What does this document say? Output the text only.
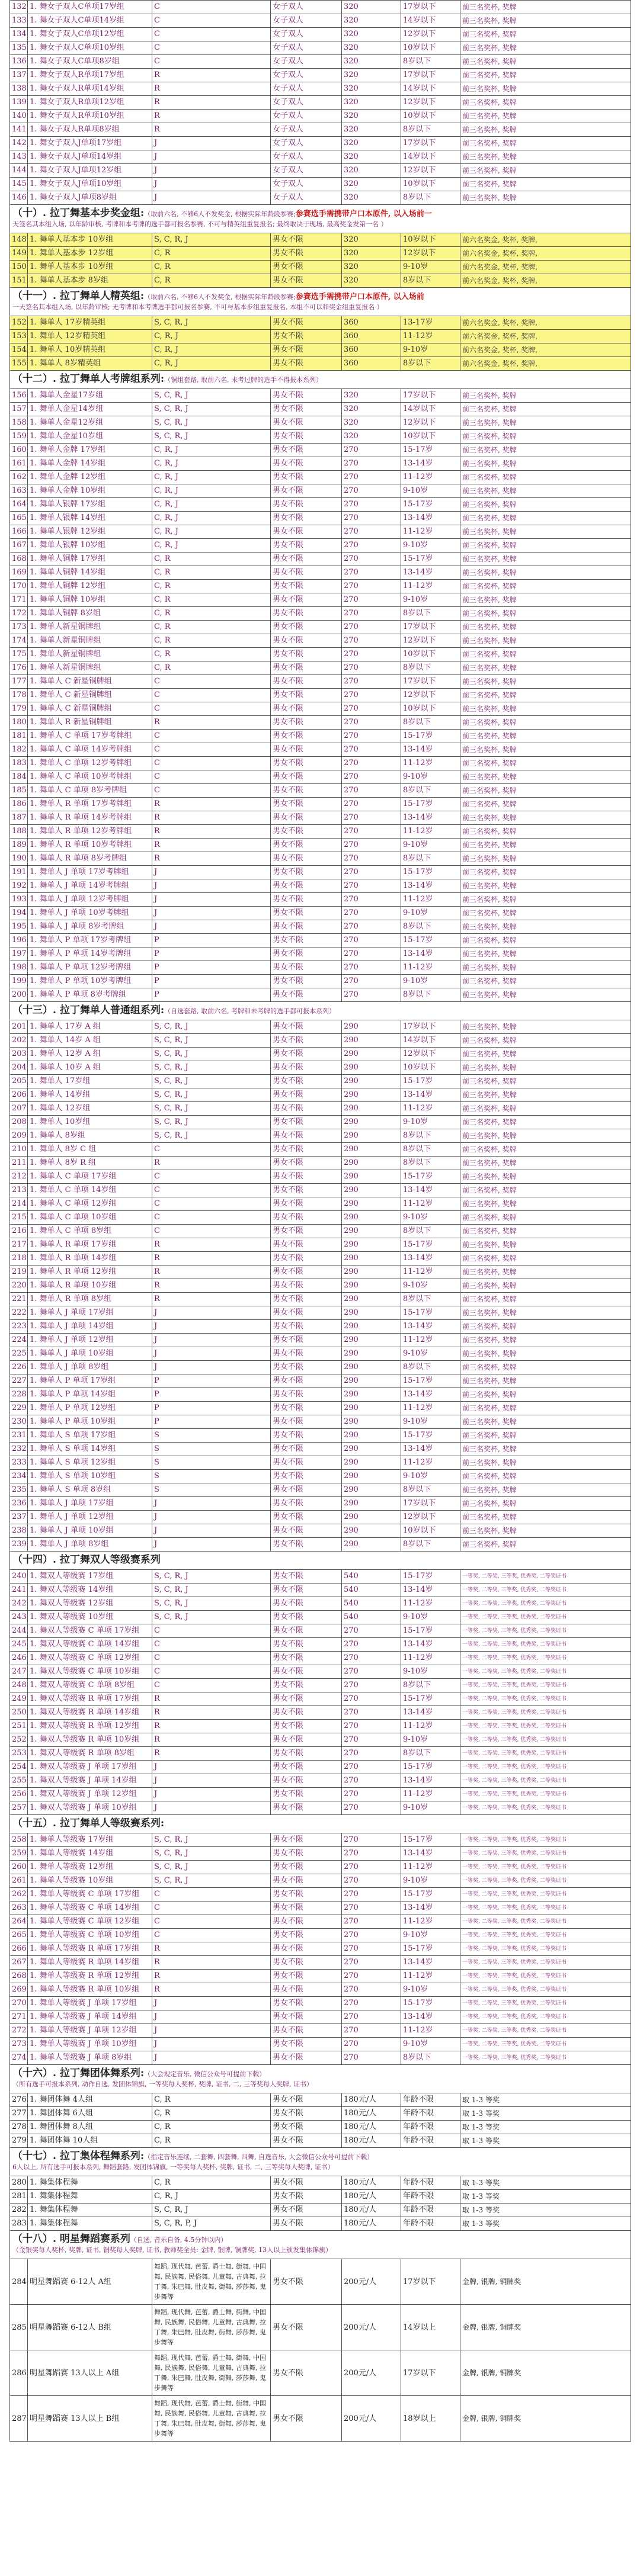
132	1. 舞女子双人C单项17岁组	C	女子双人	320	17岁以下	前三名奖杯, 奖牌
133	1. 舞女子双人C单项14岁组	C	女子双人	320	14岁以下	前三名奖杯, 奖牌
134	1. 舞女子双人C单项12岁组	C	女子双人	320	12岁以下	前三名奖杯, 奖牌
135	1. 舞女子双人C单项10岁组	C	女子双人	320	10岁以下	前三名奖杯, 奖牌
136	1. 舞女子双人C单项8岁组	C	女子双人	320	8岁以下	前三名奖杯, 奖牌
137	1. 舞女子双人R单项17岁组	R	女子双人	320	17岁以下	前三名奖杯, 奖牌
138	1. 舞女子双人R单项14岁组	R	女子双人	320	14岁以下	前三名奖杯, 奖牌
139	1. 舞女子双人R单项12岁组	R	女子双人	320	12岁以下	前三名奖杯, 奖牌
140	1. 舞女子双人R单项10岁组	R	女子双人	320	10岁以下	前三名奖杯, 奖牌
141	1. 舞女子双人R单项8岁组	R	女子双人	320	8岁以下	前三名奖杯, 奖牌
142	1. 舞女子双人J单项17岁组	J	女子双人	320	17岁以下	前三名奖杯, 奖牌
143	1. 舞女子双人J单项14岁组	J	女子双人	320	14岁以下	前三名奖杯, 奖牌
144	1. 舞女子双人J单项12岁组	J	女子双人	320	12岁以下	前三名奖杯, 奖牌
145	1. 舞女子双人J单项10岁组	J	女子双人	320	10岁以下	前三名奖杯, 奖牌
146	1. 舞女子双人J单项8岁组	J	女子双人	320	8岁以下	前三名奖杯, 奖牌
（十）. 拉丁舞基本步奖金组:（取前六名, 不够6人不发奖金, 根据实际年龄段参赛;参赛选手需携带户口本原件, 以入场前一
天签名其本组入场, 以年龄审核, 考牌和本考牌的选手都可报名参赛, 不可与精英组重复报名; 最终取决于现场, 最高奖金发第一名 ）						
148	1. 舞单人基本步 10岁组	S, C, R, J	男女不限	320	10岁以下	前六名奖金, 奖杯, 奖牌,
149	1. 舞单人基本步 12岁组	C, R	男女不限	320	12岁以下	前六名奖金, 奖杯, 奖牌,
150	1. 舞单人基本步 10岁组	C, R	男女不限	320	9-10岁	前六名奖金, 奖杯, 奖牌,
151	1. 舞单人基本步 8岁组	C, R	男女不限	320	8岁以下	前六名奖金, 奖杯, 奖牌,
（十一）. 拉丁舞单人精英组:（取前六名, 不够6人不发奖金, 根据实际年龄段参赛;参赛选手需携带户口本原件, 以入场前
一天签名其本组入场, 以年龄审核; 无考牌和本考牌选手都可报名参赛, 不可与基本步组重复报名, 本组不可以和奖金组重复报名 ）						
152	1. 舞单人 17岁精英组	S, C, R, J	男女不限	360	13-17岁	前六名奖金, 奖杯, 奖牌,
153	1. 舞单人 12岁精英组	C, R, J	男女不限	360	11-12岁	前六名奖金, 奖杯, 奖牌,
154	1. 舞单人 10岁精英组	C, R, J	男女不限	360	9-10岁	前六名奖金, 奖杯, 奖牌,
155	1. 舞单人 8岁精英组	C, R, J	男女不限	360	8岁以下	前六名奖金, 奖杯, 奖牌,
（十二）. 拉丁舞单人考牌组系列:（铜组套路, 取前六名, 未考过牌的选手不得报本系列）						
156	1. 舞单人金星17岁组	S, C, R, J	男女不限	320	17岁以下	前三名奖杯, 奖牌
157	1. 舞单人金星14岁组	S, C, R, J	男女不限	320	14岁以下	前三名奖杯, 奖牌
158	1. 舞单人金星12岁组	S, C, R, J	男女不限	320	12岁以下	前三名奖杯, 奖牌
159	1. 舞单人金星10岁组	S, C, R, J	男女不限	320	10岁以下	前三名奖杯, 奖牌
160	1. 舞单人金牌 17岁组	C, R, J	男女不限	270	15-17岁	前三名奖杯, 奖牌
161	1. 舞单人金牌 14岁组	C, R, J	男女不限	270	13-14岁	前三名奖杯, 奖牌
162	1. 舞单人金牌 12岁组	C, R, J	男女不限	270	11-12岁	前三名奖杯, 奖牌
163	1. 舞单人金牌 10岁组	C, R, J	男女不限	270	9-10岁	前三名奖杯, 奖牌
164	1. 舞单人银牌 17岁组	C, R, J	男女不限	270	15-17岁	前三名奖杯, 奖牌
165	1. 舞单人银牌 14岁组	C, R, J	男女不限	270	13-14岁	前三名奖杯, 奖牌
166	1. 舞单人银牌 12岁组	C, R, J	男女不限	270	11-12岁	前三名奖杯, 奖牌
167	1. 舞单人银牌 10岁组	C, R, J	男女不限	270	9-10岁	前三名奖杯, 奖牌
168	1. 舞单人铜牌 17岁组	C, R	男女不限	270	15-17岁	前三名奖杯, 奖牌
169	1. 舞单人铜牌 14岁组	C, R	男女不限	270	13-14岁	前三名奖杯, 奖牌
170	1. 舞单人铜牌 12岁组	C, R	男女不限	270	11-12岁	前三名奖杯, 奖牌
171	1. 舞单人铜牌 10岁组	C, R	男女不限	270	9-10岁	前三名奖杯, 奖牌
172	1. 舞单人铜牌 8岁组	C, R	男女不限	270	8岁以下	前三名奖杯, 奖牌
173	1. 舞单人新星铜牌组	C, R	男女不限	270	17岁以下	前三名奖杯, 奖牌
174	1. 舞单人新星铜牌组	C, R	男女不限	270	12岁以下	前三名奖杯, 奖牌
175	1. 舞单人新星铜牌组	C, R	男女不限	270	10岁以下	前三名奖杯, 奖牌
176	1. 舞单人新星铜牌组	C, R	男女不限	270	8岁以下	前三名奖杯, 奖牌
177	1. 舞单人 C 新星铜牌组	C	男女不限	270	17岁以下	前三名奖杯, 奖牌
178	1. 舞单人 C 新星铜牌组	C	男女不限	270	12岁以下	前三名奖杯, 奖牌
179	1. 舞单人 C 新星铜牌组	C	男女不限	270	10岁以下	前三名奖杯, 奖牌
180	1. 舞单人 R 新星铜牌组	R	男女不限	270	8岁以下	前三名奖杯, 奖牌
181	1. 舞单人 C 单项 17岁考牌组	C	男女不限	270	15-17岁	前三名奖杯, 奖牌
182	1. 舞单人 C 单项 14岁考牌组	C	男女不限	270	13-14岁	前三名奖杯, 奖牌
183	1. 舞单人 C 单项 12岁考牌组	C	男女不限	270	11-12岁	前三名奖杯, 奖牌
184	1. 舞单人 C 单项 10岁考牌组	C	男女不限	270	9-10岁	前三名奖杯, 奖牌
185	1. 舞单人 C 单项 8岁考牌组	C	男女不限	270	8岁以下	前三名奖杯, 奖牌
186	1. 舞单人 R 单项 17岁考牌组	R	男女不限	270	15-17岁	前三名奖杯, 奖牌
187	1. 舞单人 R 单项 14岁考牌组	R	男女不限	270	13-14岁	前三名奖杯, 奖牌
188	1. 舞单人 R 单项 12岁考牌组	R	男女不限	270	11-12岁	前三名奖杯, 奖牌
189	1. 舞单人 R 单项 10岁考牌组	R	男女不限	270	9-10岁	前三名奖杯, 奖牌
190	1. 舞单人 R 单项 8岁考牌组	R	男女不限	270	8岁以下	前三名奖杯, 奖牌
191	1. 舞单人 J 单项 17岁考牌组	J	男女不限	270	15-17岁	前三名奖杯, 奖牌
192	1. 舞单人 J 单项 14岁考牌组	J	男女不限	270	13-14岁	前三名奖杯, 奖牌
193	1. 舞单人 J 单项 12岁考牌组	J	男女不限	270	11-12岁	前三名奖杯, 奖牌
194	1. 舞单人 J 单项 10岁考牌组	J	男女不限	270	9-10岁	前三名奖杯, 奖牌
195	1. 舞单人 J 单项 8岁考牌组	J	男女不限	270	8岁以下	前三名奖杯, 奖牌
196	1. 舞单人 P 单项 17岁考牌组	P	男女不限	270	15-17岁	前三名奖杯, 奖牌
197	1. 舞单人 P 单项 14岁考牌组	P	男女不限	270	13-14岁	前三名奖杯, 奖牌
198	1. 舞单人 P 单项 12岁考牌组	P	男女不限	270	11-12岁	前三名奖杯, 奖牌
199	1. 舞单人 P 单项 10岁考牌组	P	男女不限	270	9-10岁	前三名奖杯, 奖牌
200	1. 舞单人 P 单项 8岁考牌组	P	男女不限	270	8岁以下	前三名奖杯, 奖牌
（十三）. 拉丁舞单人普通组系列:（自选套路, 取前六名, 考牌和未考牌的选手都可报本系列）						
201	1. 舞单人 17岁 A 组	S, C, R, J	男女不限	290	17岁以下	前三名奖杯, 奖牌
202	1. 舞单人 14岁 A 组	S, C, R, J	男女不限	290	14岁以下	前三名奖杯, 奖牌
203	1. 舞单人 12岁 A 组	S, C, R, J	男女不限	290	12岁以下	前三名奖杯, 奖牌
204	1. 舞单人 10岁 A 组	S, C, R, J	男女不限	290	10岁以下	前三名奖杯, 奖牌
205	1. 舞单人 17岁组	S, C, R, J	男女不限	290	15-17岁	前三名奖杯, 奖牌
206	1. 舞单人 14岁组	S, C, R, J	男女不限	290	13-14岁	前三名奖杯, 奖牌
207	1. 舞单人 12岁组	S, C, R, J	男女不限	290	11-12岁	前三名奖杯, 奖牌
208	1. 舞单人 10岁组	S, C, R, J	男女不限	290	9-10岁	前三名奖杯, 奖牌
209	1. 舞单人 8岁组	S, C, R, J	男女不限	290	8岁以下	前三名奖杯, 奖牌
210	1. 舞单人 8岁 C 组	C	男女不限	290	8岁以下	前三名奖杯, 奖牌
211	1. 舞单人 8岁 R 组	R	男女不限	290	8岁以下	前三名奖杯, 奖牌
212	1. 舞单人 C 单项 17岁组	C	男女不限	290	15-17岁	前三名奖杯, 奖牌
213	1. 舞单人 C 单项 14岁组	C	男女不限	290	13-14岁	前三名奖杯, 奖牌
214	1. 舞单人 C 单项 12岁组	C	男女不限	290	11-12岁	前三名奖杯, 奖牌
215	1. 舞单人 C 单项 10岁组	C	男女不限	290	9-10岁	前三名奖杯, 奖牌
216	1. 舞单人 C 单项 8岁组	C	男女不限	290	8岁以下	前三名奖杯, 奖牌
217	1. 舞单人 R 单项 17岁组	R	男女不限	290	15-17岁	前三名奖杯, 奖牌
218	1. 舞单人 R 单项 14岁组	R	男女不限	290	13-14岁	前三名奖杯, 奖牌
219	1. 舞单人 R 单项 12岁组	R	男女不限	290	11-12岁	前三名奖杯, 奖牌
220	1. 舞单人 R 单项 10岁组	R	男女不限	290	9-10岁	前三名奖杯, 奖牌
221	1. 舞单人 R 单项 8岁组	R	男女不限	290	8岁以下	前三名奖杯, 奖牌
222	1. 舞单人 J 单项 17岁组	J	男女不限	290	15-17岁	前三名奖杯, 奖牌
223	1. 舞单人 J 单项 14岁组	J	男女不限	290	13-14岁	前三名奖杯, 奖牌
224	1. 舞单人 J 单项 12岁组	J	男女不限	290	11-12岁	前三名奖杯, 奖牌
225	1. 舞单人 J 单项 10岁组	J	男女不限	290	9-10岁	前三名奖杯, 奖牌
226	1. 舞单人 J 单项 8岁组	J	男女不限	290	8岁以下	前三名奖杯, 奖牌
227	1. 舞单人 P 单项 17岁组	P	男女不限	290	15-17岁	前三名奖杯, 奖牌
228	1. 舞单人 P 单项 14岁组	P	男女不限	290	13-14岁	前三名奖杯, 奖牌
229	1. 舞单人 P 单项 12岁组	P	男女不限	290	11-12岁	前三名奖杯, 奖牌
230	1. 舞单人 P 单项 10岁组	P	男女不限	290	9-10岁	前三名奖杯, 奖牌
231	1. 舞单人 S 单项 17岁组	S	男女不限	290	15-17岁	前三名奖杯, 奖牌
232	1. 舞单人 S 单项 14岁组	S	男女不限	290	13-14岁	前三名奖杯, 奖牌
233	1. 舞单人 S 单项 12岁组	S	男女不限	290	11-12岁	前三名奖杯, 奖牌
234	1. 舞单人 S 单项 10岁组	S	男女不限	290	9-10岁	前三名奖杯, 奖牌
235	1. 舞单人 S 单项 8岁组	S	男女不限	290	8岁以下	前三名奖杯, 奖牌
236	1. 舞单人 J 单项 17岁组	J	男女不限	290	17岁以下	前三名奖杯, 奖牌
237	1. 舞单人 J 单项 12岁组	J	男女不限	290	12岁以下	前三名奖杯, 奖牌
238	1. 舞单人 J 单项 10岁组	J	男女不限	290	10岁以下	前三名奖杯, 奖牌
239	1. 舞单人 J 单项 8岁组	J	男女不限	290	8岁以下	前三名奖杯, 奖牌
（十四）. 拉丁舞双人等级赛系列						
240	1. 舞双人等级赛 17岁组	S, C, R, J	男女不限	540	15-17岁	一等奖, 二等奖, 三等奖, 优秀奖, 二等奖证书
241	1. 舞双人等级赛 14岁组	S, C, R, J	男女不限	540	13-14岁	一等奖, 二等奖, 三等奖, 优秀奖, 二等奖证书
242	1. 舞双人等级赛 12岁组	S, C, R, J	男女不限	540	11-12岁	一等奖, 二等奖, 三等奖, 优秀奖, 二等奖证书
243	1. 舞双人等级赛 10岁组	S, C, R, J	男女不限	540	9-10岁	一等奖, 二等奖, 三等奖, 优秀奖, 二等奖证书
244	1. 舞双人等级赛 C 单项 17岁组	C	男女不限	270	15-17岁	一等奖, 二等奖, 三等奖, 优秀奖, 二等奖证书
245	1. 舞双人等级赛 C 单项 14岁组	C	男女不限	270	13-14岁	一等奖, 二等奖, 三等奖, 优秀奖, 二等奖证书
246	1. 舞双人等级赛 C 单项 12岁组	C	男女不限	270	11-12岁	一等奖, 二等奖, 三等奖, 优秀奖, 二等奖证书
247	1. 舞双人等级赛 C 单项 10岁组	C	男女不限	270	9-10岁	一等奖, 二等奖, 三等奖, 优秀奖, 二等奖证书
248	1. 舞双人等级赛 C 单项 8岁组	C	男女不限	270	8岁以下	一等奖, 二等奖, 三等奖, 优秀奖, 二等奖证书
249	1. 舞双人等级赛 R 单项 17岁组	R	男女不限	270	15-17岁	一等奖, 二等奖, 三等奖, 优秀奖, 二等奖证书
250	1. 舞双人等级赛 R 单项 14岁组	R	男女不限	270	13-14岁	一等奖, 二等奖, 三等奖, 优秀奖, 二等奖证书
251	1. 舞双人等级赛 R 单项 12岁组	R	男女不限	270	11-12岁	一等奖, 二等奖, 三等奖, 优秀奖, 二等奖证书
252	1. 舞双人等级赛 R 单项 10岁组	R	男女不限	270	9-10岁	一等奖, 二等奖, 三等奖, 优秀奖, 二等奖证书
253	1. 舞双人等级赛 R 单项 8岁组	R	男女不限	270	8岁以下	一等奖, 二等奖, 三等奖, 优秀奖, 二等奖证书
254	1. 舞双人等级赛 J 单项 17岁组	J	男女不限	270	15-17岁	一等奖, 二等奖, 三等奖, 优秀奖, 二等奖证书
255	1. 舞双人等级赛 J 单项 14岁组	J	男女不限	270	13-14岁	一等奖, 二等奖, 三等奖, 优秀奖, 二等奖证书
256	1. 舞双人等级赛 J 单项 12岁组	J	男女不限	270	11-12岁	一等奖, 二等奖, 三等奖, 优秀奖, 二等奖证书
257	1. 舞双人等级赛 J 单项 10岁组	J	男女不限	270	9-10岁	一等奖, 二等奖, 三等奖, 优秀奖, 二等奖证书
（十五）. 拉丁舞单人等级赛系列:						
258	1. 舞单人等级赛 17岁组	S, C, R, J	男女不限	270	15-17岁	一等奖, 二等奖, 三等奖, 优秀奖, 二等奖证书
259	1. 舞单人等级赛 14岁组	S, C, R, J	男女不限	270	13-14岁	一等奖, 二等奖, 三等奖, 优秀奖, 二等奖证书
260	1. 舞单人等级赛 12岁组	S, C, R, J	男女不限	270	11-12岁	一等奖, 二等奖, 三等奖, 优秀奖, 二等奖证书
261	1. 舞单人等级赛 10岁组	S, C, R, J	男女不限	270	9-10岁	一等奖, 二等奖, 三等奖, 优秀奖, 二等奖证书
262	1. 舞单人等级赛 C 单项 17岁组	C	男女不限	270	15-17岁	一等奖, 二等奖, 三等奖, 优秀奖, 二等奖证书
263	1. 舞单人等级赛 C 单项 14岁组	C	男女不限	270	13-14岁	一等奖, 二等奖, 三等奖, 优秀奖, 二等奖证书
264	1. 舞单人等级赛 C 单项 12岁组	C	男女不限	270	11-12岁	一等奖, 二等奖, 三等奖, 优秀奖, 二等奖证书
265	1. 舞单人等级赛 C 单项 10岁组	C	男女不限	270	9-10岁	一等奖, 二等奖, 三等奖, 优秀奖, 二等奖证书
266	1. 舞单人等级赛 R 单项 17岁组	R	男女不限	270	15-17岁	一等奖, 二等奖, 三等奖, 优秀奖, 二等奖证书
267	1. 舞单人等级赛 R 单项 14岁组	R	男女不限	270	13-14岁	一等奖, 二等奖, 三等奖, 优秀奖, 二等奖证书
268	1. 舞单人等级赛 R 单项 12岁组	R	男女不限	270	11-12岁	一等奖, 二等奖, 三等奖, 优秀奖, 二等奖证书
269	1. 舞单人等级赛 R 单项 10岁组	R	男女不限	270	9-10岁	一等奖, 二等奖, 三等奖, 优秀奖, 二等奖证书
270	1. 舞单人等级赛 J 单项 17岁组	J	男女不限	270	15-17岁	一等奖, 二等奖, 三等奖, 优秀奖, 二等奖证书
271	1. 舞单人等级赛 J 单项 14岁组	J	男女不限	270	13-14岁	一等奖, 二等奖, 三等奖, 优秀奖, 二等奖证书
272	1. 舞单人等级赛 J 单项 12岁组	J	男女不限	270	11-12岁	一等奖, 二等奖, 三等奖, 优秀奖, 二等奖证书
273	1. 舞单人等级赛 J 单项 10岁组	J	男女不限	270	9-10岁	一等奖, 二等奖, 三等奖, 优秀奖, 二等奖证书
274	1. 舞单人等级赛 J 单项 8岁组	J	男女不限	270	8岁以下	一等奖, 二等奖, 三等奖, 优秀奖, 二等奖证书
（十六）. 拉丁舞团体舞系列:（大会规定音乐, 微信公众号可提前下载）
（所有选手可报本系列, 动作自选, 发团体锦旗, 一等奖每人奖杯, 奖牌, 证书, 二, 三等奖每人奖牌, 证书）						
276	1. 舞团体舞 4人组	C, R	男女不限	180元/人	年龄不限	取 1-3 等奖
277	1. 舞团体舞 6人组	C, R	男女不限	180元/人	年龄不限	取 1-3 等奖
278	1. 舞团体舞 8人组	C, R	男女不限	180元/人	年龄不限	取 1-3 等奖
279	1. 舞团体舞 10人组	C, R	男女不限	180元/人	年龄不限	取 1-3 等奖
（十七）. 拉丁集体程舞系列:（指定音乐连续, 二套舞, 四套舞, 四舞, 自选音乐, 大会微信公众号可提前下载）
6人以上, 所有选手可报本系列, 舞蹈套路, 发团体锦旗, 一等奖每人奖杯, 奖牌, 证书, 二, 三等奖每人奖牌, 证书）						
280	1. 舞集体程舞	C, R	男女不限	180元/人	年龄不限	取 1-3 等奖
281	1. 舞集体程舞	C, R, J	男女不限	180元/人	年龄不限	取 1-3 等奖
282	1. 舞集体程舞	S, C, R, J	男女不限	180元/人	年龄不限	取 1-3 等奖
283	1. 舞集体程舞	S, C, R, P, J	男女不限	180元/人	年龄不限	取 1-3 等奖
（十八）. 明星舞蹈赛系列（自选, 音乐自备, 4.5分钟以内）
（金银奖每人奖杯, 奖牌, 证书, 铜奖每人奖牌, 证书, 教师奖全员: 金牌, 银牌, 铜牌奖, 13人以上颁发集体锦旗）						
284	明星舞蹈赛 6-12人 A组	舞蹈, 现代舞, 芭蕾, 爵士舞, 街舞, 中国舞, 民族舞, 民俗舞, 儿童舞, 古典舞, 拉丁舞, 朱巴舞, 肚皮舞, 街舞, 莎莎舞, 鬼步舞等	男女不限	200元/人	17岁以下	金牌, 银牌, 铜牌奖
285	明星舞蹈赛 6-12人 B组	舞蹈, 现代舞, 芭蕾, 爵士舞, 街舞, 中国舞, 民族舞, 民俗舞, 儿童舞, 古典舞, 拉丁舞, 朱巴舞, 肚皮舞, 街舞, 莎莎舞, 鬼步舞等	男女不限	200元/人	14岁以上	金牌, 银牌, 铜牌奖
286	明星舞蹈赛 13人以上 A组	舞蹈, 现代舞, 芭蕾, 爵士舞, 街舞, 中国舞, 民族舞, 民俗舞, 儿童舞, 古典舞, 拉丁舞, 朱巴舞, 肚皮舞, 街舞, 莎莎舞, 鬼步舞等	男女不限	200元/人	17岁以下	金牌, 银牌, 铜牌奖
287	明星舞蹈赛 13人以上 B组	舞蹈, 现代舞, 芭蕾, 爵士舞, 街舞, 中国舞, 民族舞, 民俗舞, 儿童舞, 古典舞, 拉丁舞, 朱巴舞, 肚皮舞, 街舞, 莎莎舞, 鬼步舞等	男女不限	200元/人	18岁以上	金牌, 银牌, 铜牌奖
